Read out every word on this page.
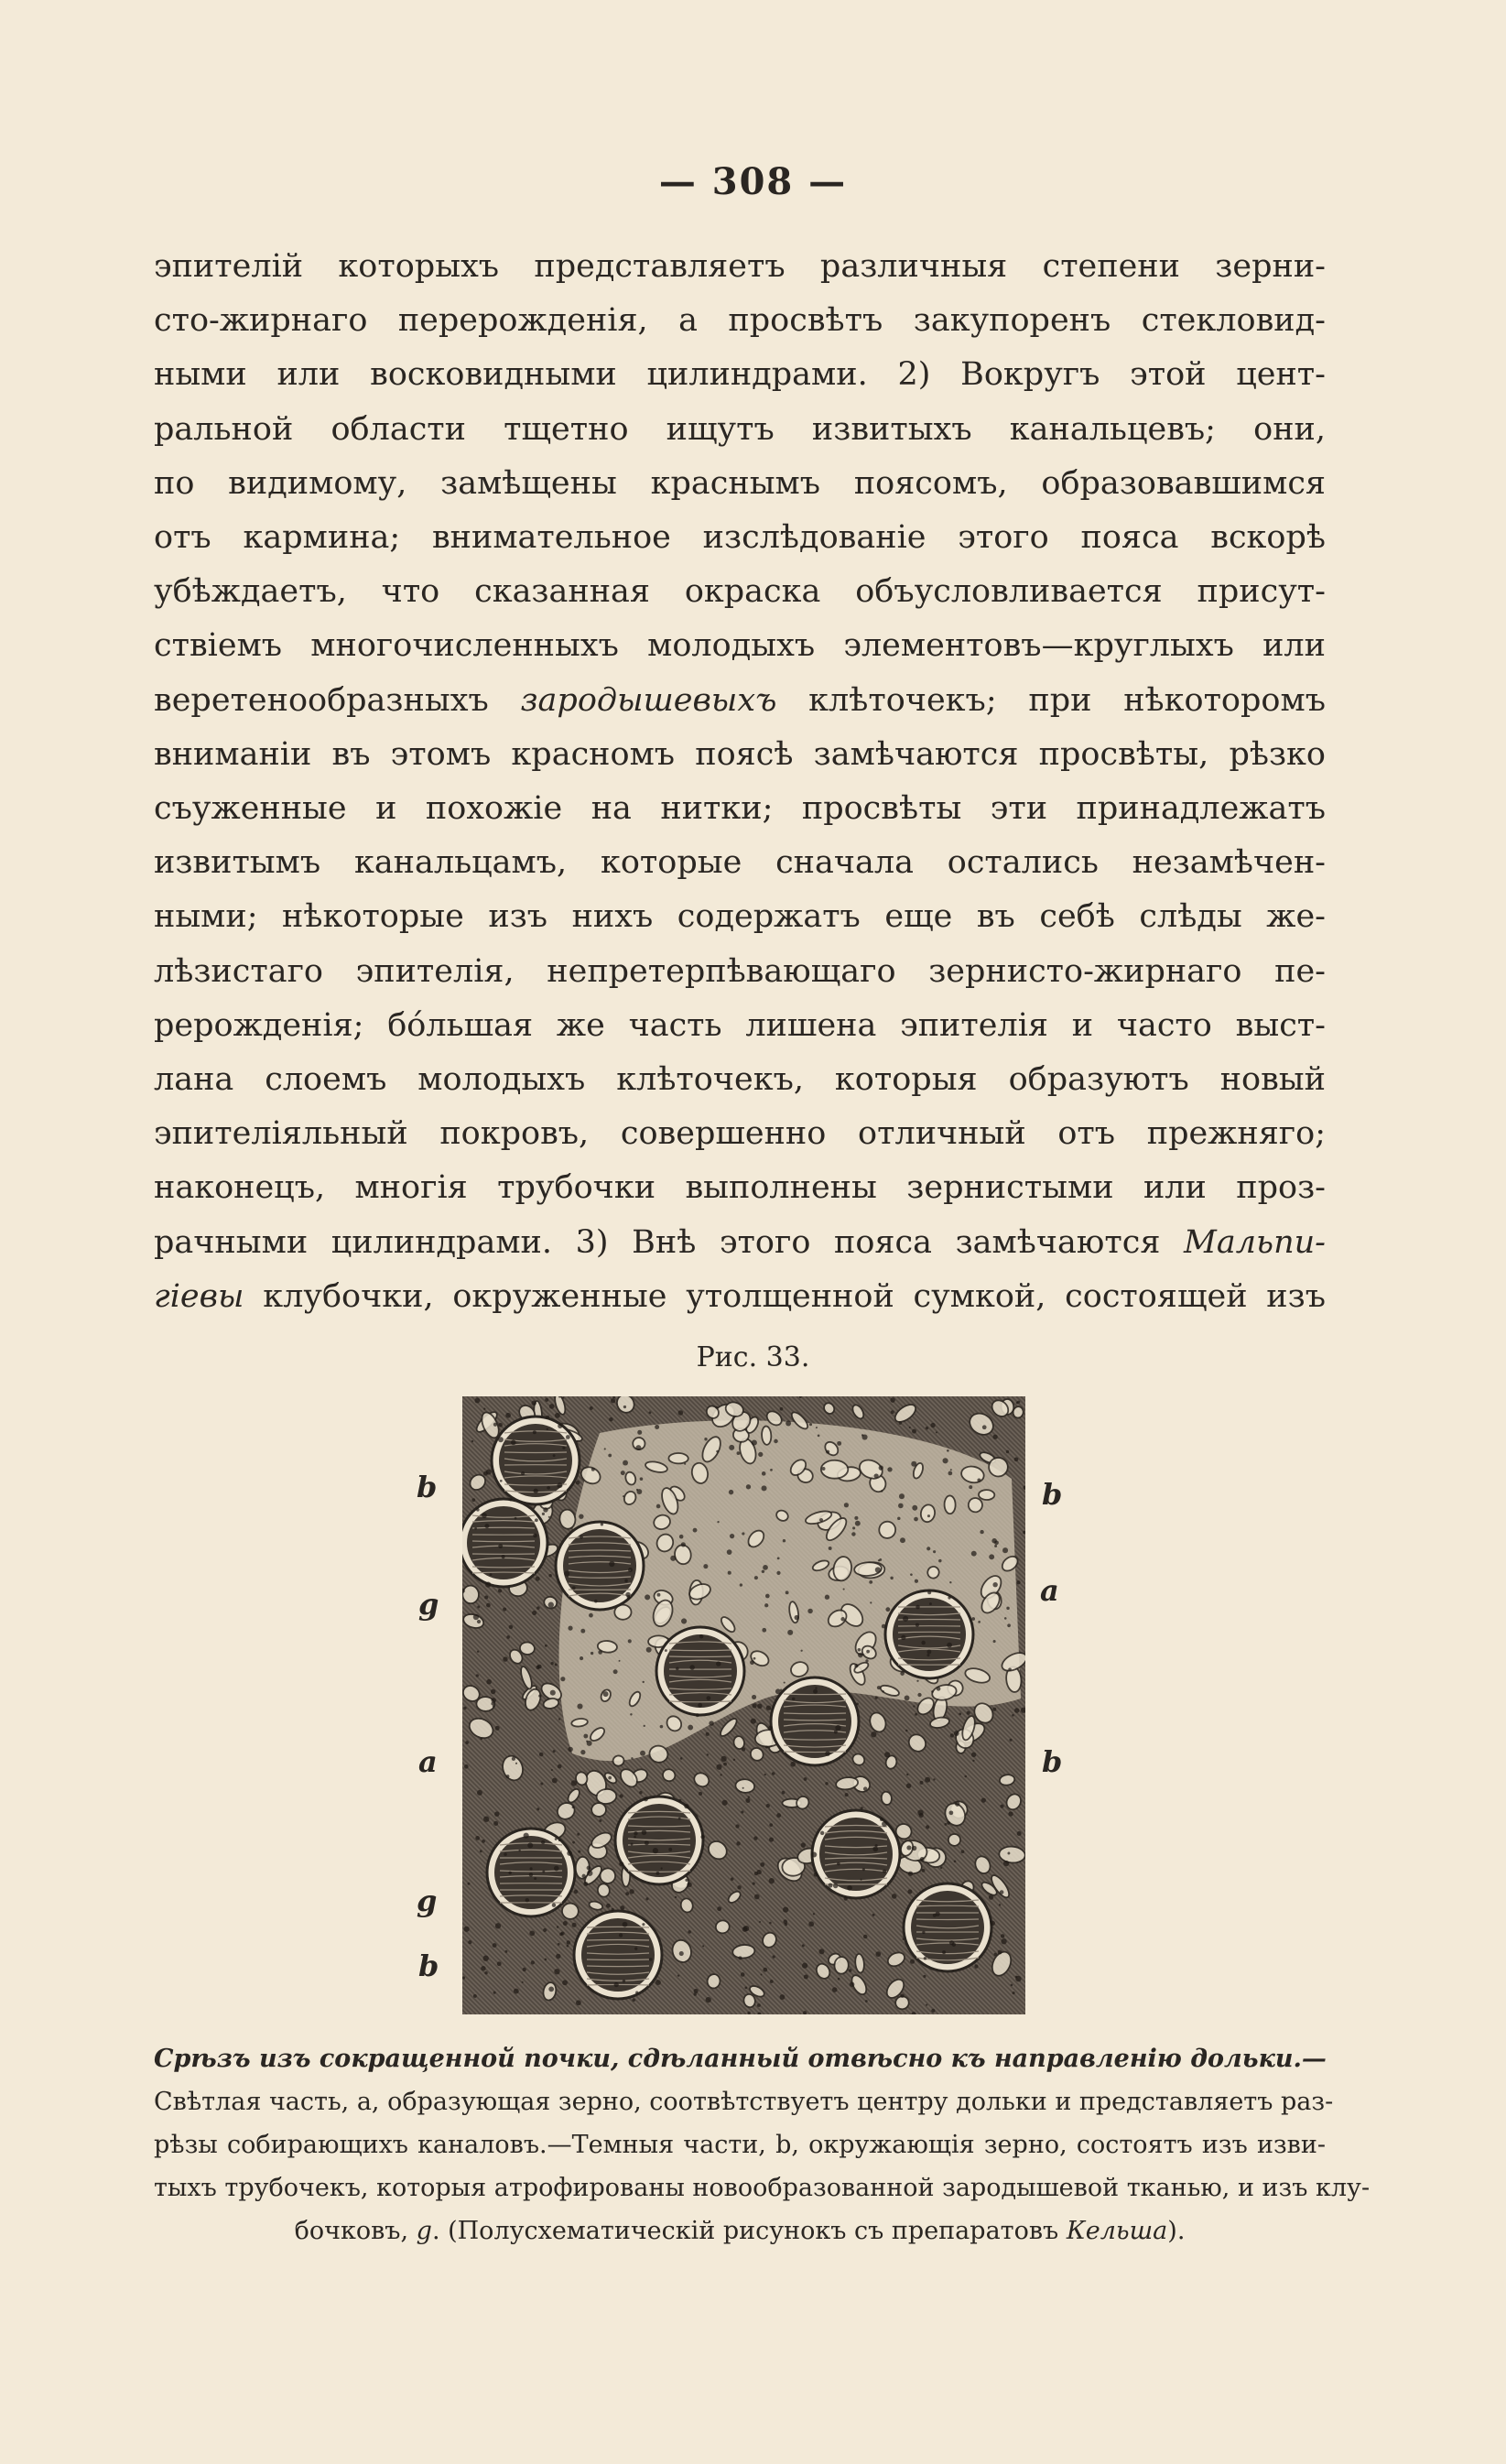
— 308 —
эпителій которыхъ представляетъ различныя степени зерни-
сто-жирнаго перерожденія, а просвѣтъ закупоренъ стекловид-
ными или восковидными цилиндрами. 2) Вокругъ этой цент-
ральной области тщетно ищутъ извитыхъ канальцевъ; они,
по видимому, замѣщены краснымъ поясомъ, образовавшимся
отъ кармина; внимательное изслѣдованіе этого пояса вскорѣ
убѣждаетъ, что сказанная окраска объусловливается присут-
ствіемъ многочисленныхъ молодыхъ элементовъ—круглыхъ или
веретенообразныхъ зародышевыхъ клѣточекъ; при нѣкоторомъ
вниманіи въ этомъ красномъ поясѣ замѣчаются просвѣты, рѣзко
съуженные и похожіе на нитки; просвѣты эти принадлежатъ
извитымъ канальцамъ, которые сначала остались незамѣчен-
ными; нѣкоторые изъ нихъ содержатъ еще въ себѣ слѣды же-
лѣзистаго эпителія, непретерпѣвающаго зернисто-жирнаго пе-
рерожденія; бóльшая же часть лишена эпителія и часто выст-
лана слоемъ молодыхъ клѣточекъ, которыя образуютъ новый
эпителіяльный покровъ, совершенно отличный отъ прежняго;
наконецъ, многія трубочки выполнены зернистыми или проз-
рачными цилиндрами. 3) Внѣ этого пояса замѣчаются Мальпи-
гіевы клубочки, окруженные утолщенной сумкой, состоящей изъ
Рис. 33.
b
g
a
g
b
b
a
b
Срѣзъ изъ сокращенной почки, сдѣланный отвѣсно къ направленію дольки.—
Свѣтлая часть, a, образующая зерно, соотвѣтствуетъ центру дольки и представляетъ раз-
рѣзы собирающихъ каналовъ.—Темныя части, b, окружающія зерно, состоятъ изъ изви-
тыхъ трубочекъ, которыя атрофированы новообразованной зародышевой тканью, и изъ клу-
бочковъ, g. (Полусхематическій рисунокъ съ препаратовъ Кельша).
